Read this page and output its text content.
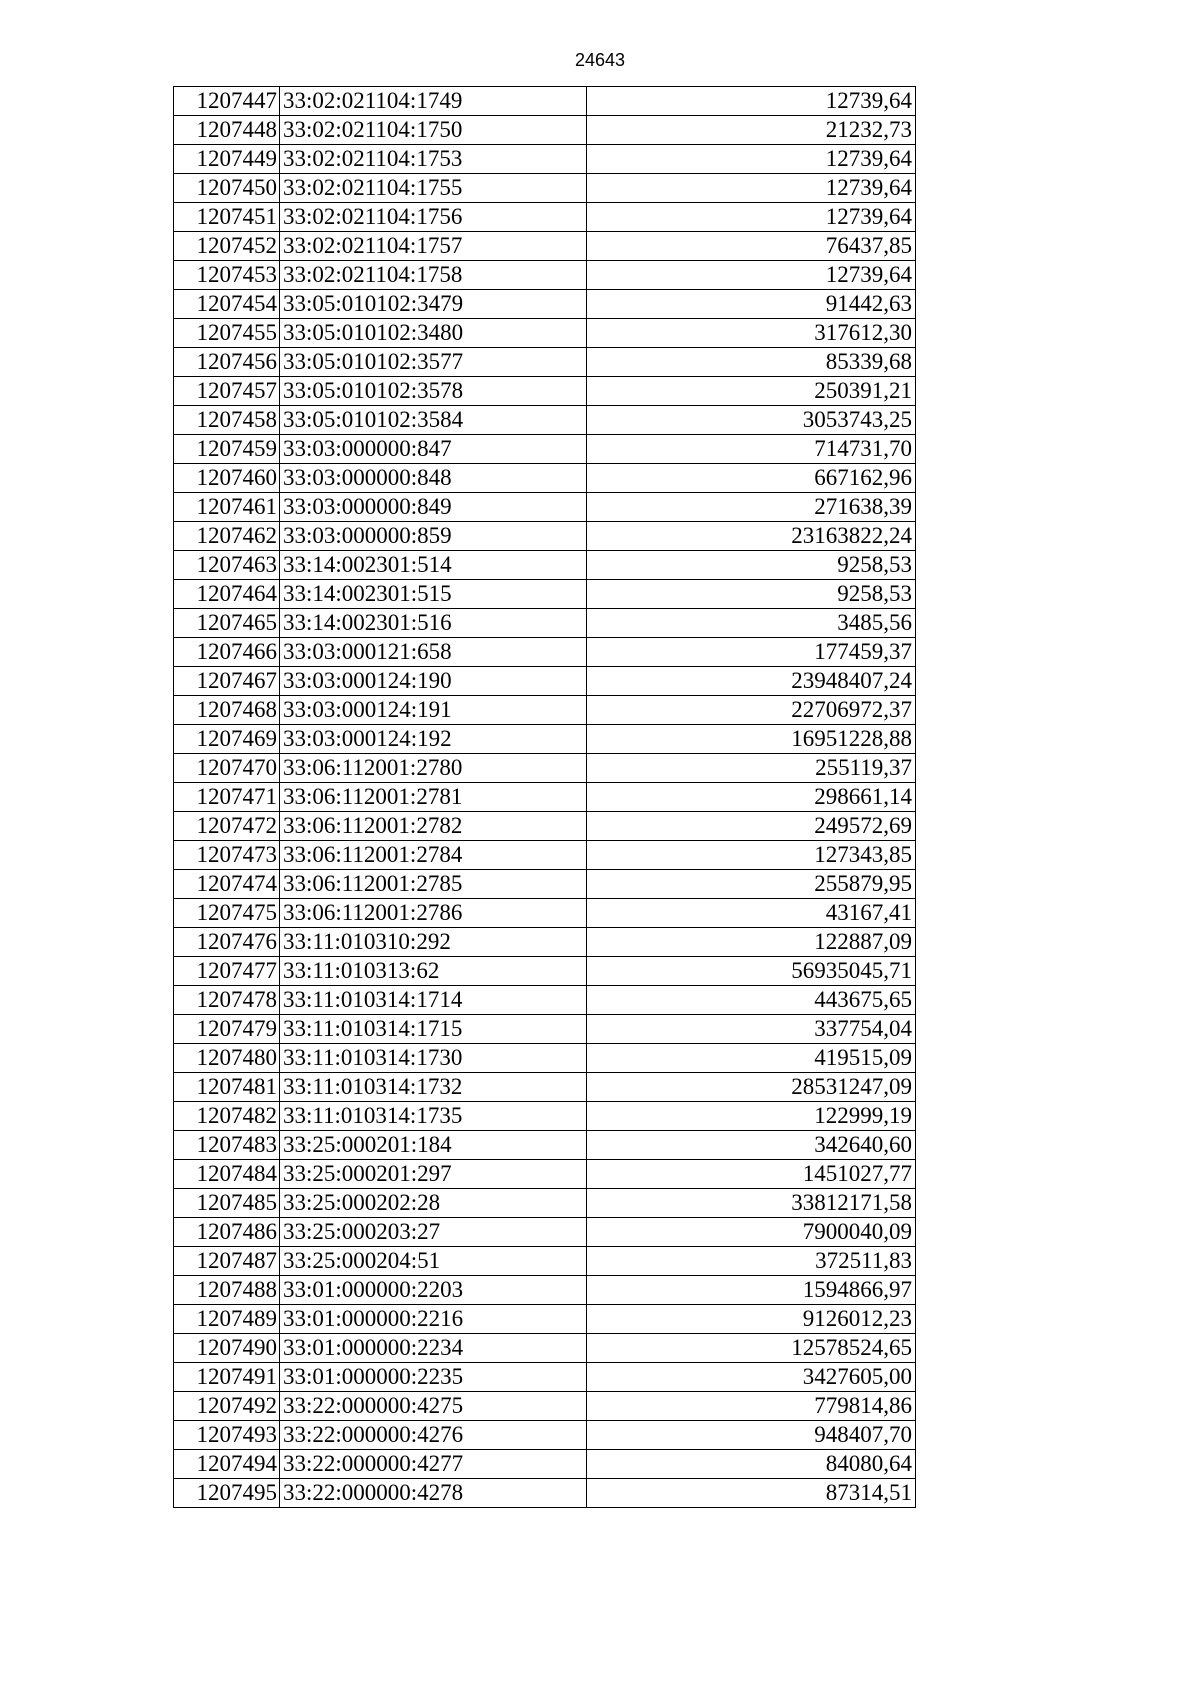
24643
1207447	33:02:021104:1749	12739,64
1207448	33:02:021104:1750	21232,73
1207449	33:02:021104:1753	12739,64
1207450	33:02:021104:1755	12739,64
1207451	33:02:021104:1756	12739,64
1207452	33:02:021104:1757	76437,85
1207453	33:02:021104:1758	12739,64
1207454	33:05:010102:3479	91442,63
1207455	33:05:010102:3480	317612,30
1207456	33:05:010102:3577	85339,68
1207457	33:05:010102:3578	250391,21
1207458	33:05:010102:3584	3053743,25
1207459	33:03:000000:847	714731,70
1207460	33:03:000000:848	667162,96
1207461	33:03:000000:849	271638,39
1207462	33:03:000000:859	23163822,24
1207463	33:14:002301:514	9258,53
1207464	33:14:002301:515	9258,53
1207465	33:14:002301:516	3485,56
1207466	33:03:000121:658	177459,37
1207467	33:03:000124:190	23948407,24
1207468	33:03:000124:191	22706972,37
1207469	33:03:000124:192	16951228,88
1207470	33:06:112001:2780	255119,37
1207471	33:06:112001:2781	298661,14
1207472	33:06:112001:2782	249572,69
1207473	33:06:112001:2784	127343,85
1207474	33:06:112001:2785	255879,95
1207475	33:06:112001:2786	43167,41
1207476	33:11:010310:292	122887,09
1207477	33:11:010313:62	56935045,71
1207478	33:11:010314:1714	443675,65
1207479	33:11:010314:1715	337754,04
1207480	33:11:010314:1730	419515,09
1207481	33:11:010314:1732	28531247,09
1207482	33:11:010314:1735	122999,19
1207483	33:25:000201:184	342640,60
1207484	33:25:000201:297	1451027,77
1207485	33:25:000202:28	33812171,58
1207486	33:25:000203:27	7900040,09
1207487	33:25:000204:51	372511,83
1207488	33:01:000000:2203	1594866,97
1207489	33:01:000000:2216	9126012,23
1207490	33:01:000000:2234	12578524,65
1207491	33:01:000000:2235	3427605,00
1207492	33:22:000000:4275	779814,86
1207493	33:22:000000:4276	948407,70
1207494	33:22:000000:4277	84080,64
1207495	33:22:000000:4278	87314,51
